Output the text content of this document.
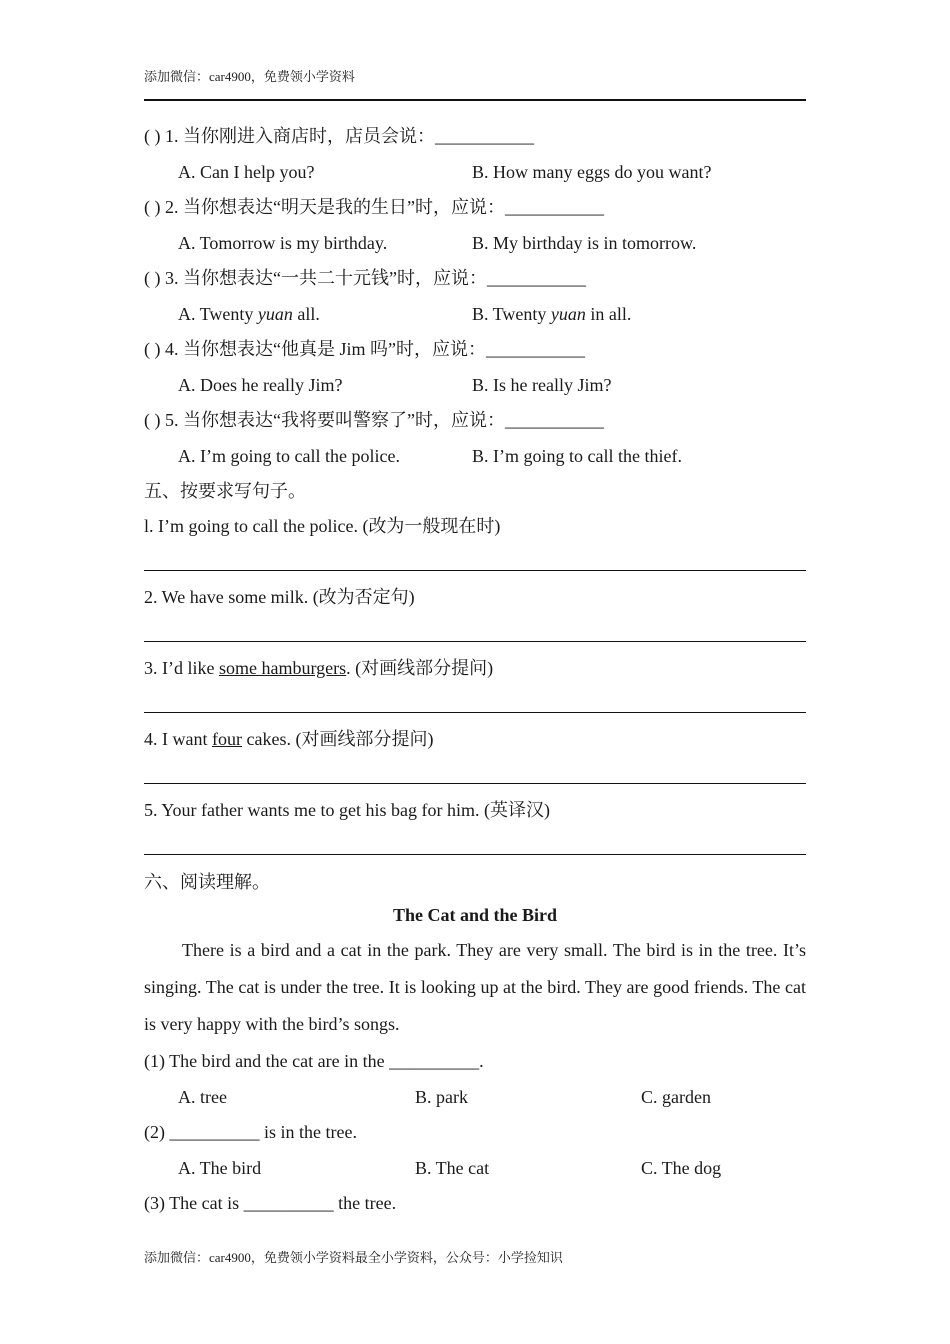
添加微信：car4900，免费领小学资料
( ) 1. 当你刚进入商店时，店员会说：___________
A. Can I help you?	B. How many eggs do you want?
( ) 2. 当你想表达“明天是我的生日”时，应说：___________
A. Tomorrow is my birthday.	B. My birthday is in tomorrow.
( ) 3. 当你想表达“一共二十元钱”时，应说：___________
A. Twenty yuan all.	B. Twenty yuan in all.
( ) 4. 当你想表达“他真是 Jim 吗”时，应说：___________
A. Does he really Jim?	B. Is he really Jim?
( ) 5. 当你想表达“我将要叫警察了”时，应说：___________
A. I’m going to call the police.	B. I’m going to call the thief.
五、按要求写句子。
l. I’m going to call the police. (改为一般现在时)
2. We have some milk. (改为否定句)
3. I’d like some hamburgers. (对画线部分提问)
4. I want four cakes. (对画线部分提问)
5. Your father wants me to get his bag for him. (英译汉)
六、阅读理解。
The Cat and the Bird
There is a bird and a cat in the park. They are very small. The bird is in the tree. It’s singing. The cat is under the tree. It is looking up at the bird. They are good friends. The cat is very happy with the bird’s songs.
(1) The bird and the cat are in the __________.
A. tree	B. park	C. garden
(2) __________ is in the tree.
A. The bird	B. The cat	C. The dog
(3) The cat is __________ the tree.
添加微信：car4900，免费领小学资料最全小学资料，公众号：小学捡知识
